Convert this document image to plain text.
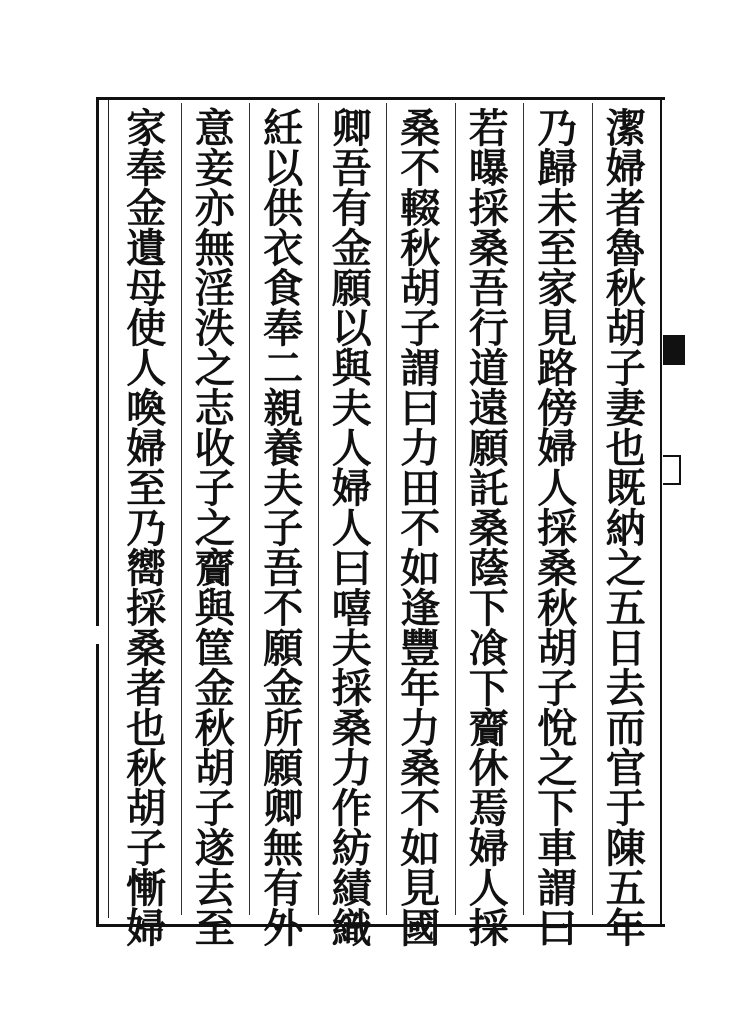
潔
婦
者
魯
秋
胡
子
妻
也
既
納
之
五
日
去
而
官
于
陳
五
年
乃
歸
未
至
家
見
路
傍
婦
人
採
桑
秋
胡
子
悅
之
下
車
謂
曰
若
曝
採
桑
吾
行
道
遠
願
託
桑
蔭
下
飡
下
齎
休
焉
婦
人
採
桑
不
輟
秋
胡
子
謂
曰
力
田
不
如
逢
豐
年
力
桑
不
如
見
國
卿
吾
有
金
願
以
與
夫
人
婦
人
曰
嘻
夫
採
桑
力
作
紡
績
織
紝
以
供
衣
食
奉
二
親
養
夫
子
吾
不
願
金
所
願
卿
無
有
外
意
妾
亦
無
淫
泆
之
志
收
子
之
齎
與
筐
金
秋
胡
子
遂
去
至
家
奉
金
遺
母
使
人
喚
婦
至
乃
嚮
採
桑
者
也
秋
胡
子
慚
婦
